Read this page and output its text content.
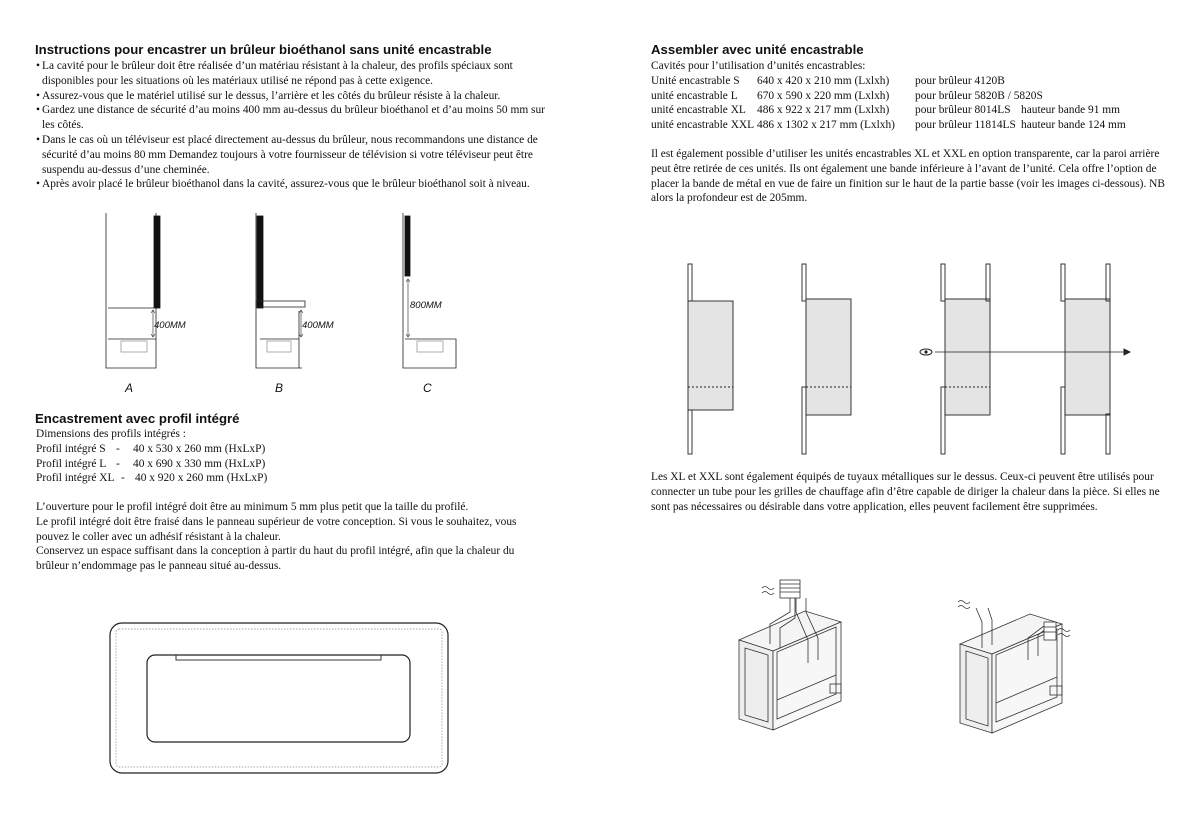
Instructions pour encastrer un brûleur bioéthanol sans unité encastrable

• La cavité pour le brûleur doit être réalisée d’un matériau résistant à la chaleur, des profils spéciaux sont

disponibles pour les situations où les matériaux utilisé ne répond pas à cette exigence.

• Assurez-vous que le matériel utilisé sur le dessus, l’arrière et les côtés du brûleur résiste à la chaleur.

• Gardez une distance de sécurité d’au moins 400 mm au-dessus du brûleur bioéthanol et d’au moins 50 mm sur

les côtés.

• Dans le cas où un téléviseur est placé directement au-dessus du brûleur, nous recommandons une distance de

sécurité d’au moins 80 mm Demandez toujours à votre fournisseur de télévision si votre téléviseur peut être

suspendu au-dessus d’une cheminée.

• Après avoir placé le brûleur bioéthanol dans la cavité, assurez-vous que le brûleur bioéthanol soit à niveau.

400MM	400MM
800MM
A	B	C
Encastrement avec profil intégré

Dimensions des profils intégrés :

Profil intégré S -	40 x 530 x 260 mm (HxLxP)
Profil intégré L -	40 x 690 x 330 mm (HxLxP)
Profil intégré XL - 40 x 920 x 260 mm (HxLxP)

L’ouverture pour le profil intégré doit être au minimum 5 mm plus petit que la taille du profilé.

Le profil intégré doit être fraisé dans le panneau supérieur de votre conception. Si vous le souhaitez, vous

pouvez le coller avec un adhésif résistant à la chaleur.

Conservez un espace suffisant dans la conception à partir du haut du profil intégré, afin que la chaleur du

brûleur n’endommage pas le panneau situé au-dessus.

Assembler avec unité encastrable

Cavités pour l’utilisation d’unités encastrables:

Unité encastrable S	640 x 420 x 210 mm (Lxlxh)	pour brûleur 4120B
unité encastrable L	670 x 590 x 220 mm (Lxlxh)	pour brûleur 5820B / 5820S
unité encastrable XL 486 x 922 x 217 mm (Lxlxh)	pour brûleur 8014LS hauteur bande 91 mm
unité encastrable XXL 486 x 1302 x 217 mm (Lxlxh)	pour brûleur 11814LS hauteur bande 124 mm

Il est également possible d’utiliser les unités encastrables XL et XXL en option transparente, car la paroi arrière

peut être retirée de ces unités. Ils ont également une bande inférieure à l’avant de l’unité. Cela offre l’option de

placer la bande de métal en vue de faire un finition sur le haut de la partie basse (voir les images ci-dessous). NB

alors la profondeur est de 205mm.

Les XL et XXL sont également équipés de tuyaux métalliques sur le dessus. Ceux-ci peuvent être utilisés pour

connecter un tube pour les grilles de chauffage afin d’être capable de diriger la chaleur dans la pièce. Si elles ne

sont pas nécessaires ou désirable dans votre application, elles peuvent facilement être supprimées.
